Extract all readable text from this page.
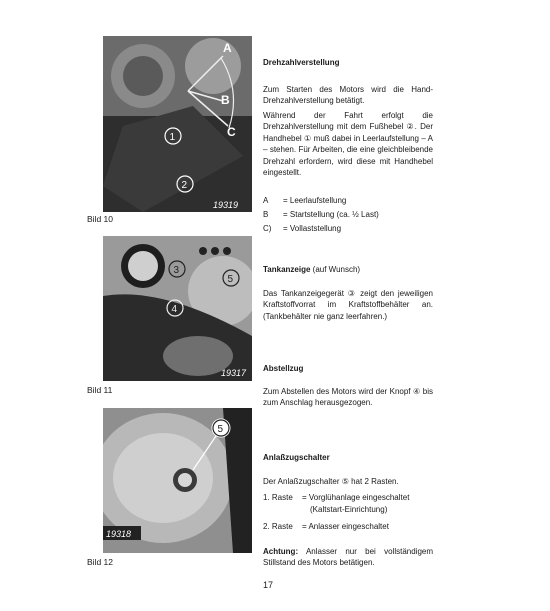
A
B
C
1
2
19319
Bild 10
3
5
4
19317
Bild 11
5
19318
Bild 12
Drehzahlverstellung
Zum Starten des Motors wird die Hand-Drehzahlverstellung betätigt.
Während der Fahrt erfolgt die Drehzahlverstellung mit dem Fußhebel ②. Der Handhebel ① muß dabei in Leerlaufstellung – A – stehen. Für Arbeiten, die eine gleichbleibende Drehzahl erfordern, wird diese mit Handhebel eingestellt.
A = Leerlaufstellung
B = Startstellung (ca. ½ Last)
C) = Vollaststellung
Tankanzeige (auf Wunsch)
Das Tankanzeigegerät ③ zeigt den jeweiligen Kraftstoffvorrat im Kraftstoffbehälter an. (Tankbehälter nie ganz leerfahren.)
Abstellzug
Zum Abstellen des Motors wird der Knopf ④ bis zum Anschlag herausgezogen.
Anlaßzugschalter
Der Anlaßzugschalter ⑤ hat 2 Rasten.
1. Raste = Vorglühanlage eingeschaltet
(Kaltstart-Einrichtung)
2. Raste = Anlasser eingeschaltet
Achtung: Anlasser nur bei vollständigem Stillstand des Motors betätigen.
17
